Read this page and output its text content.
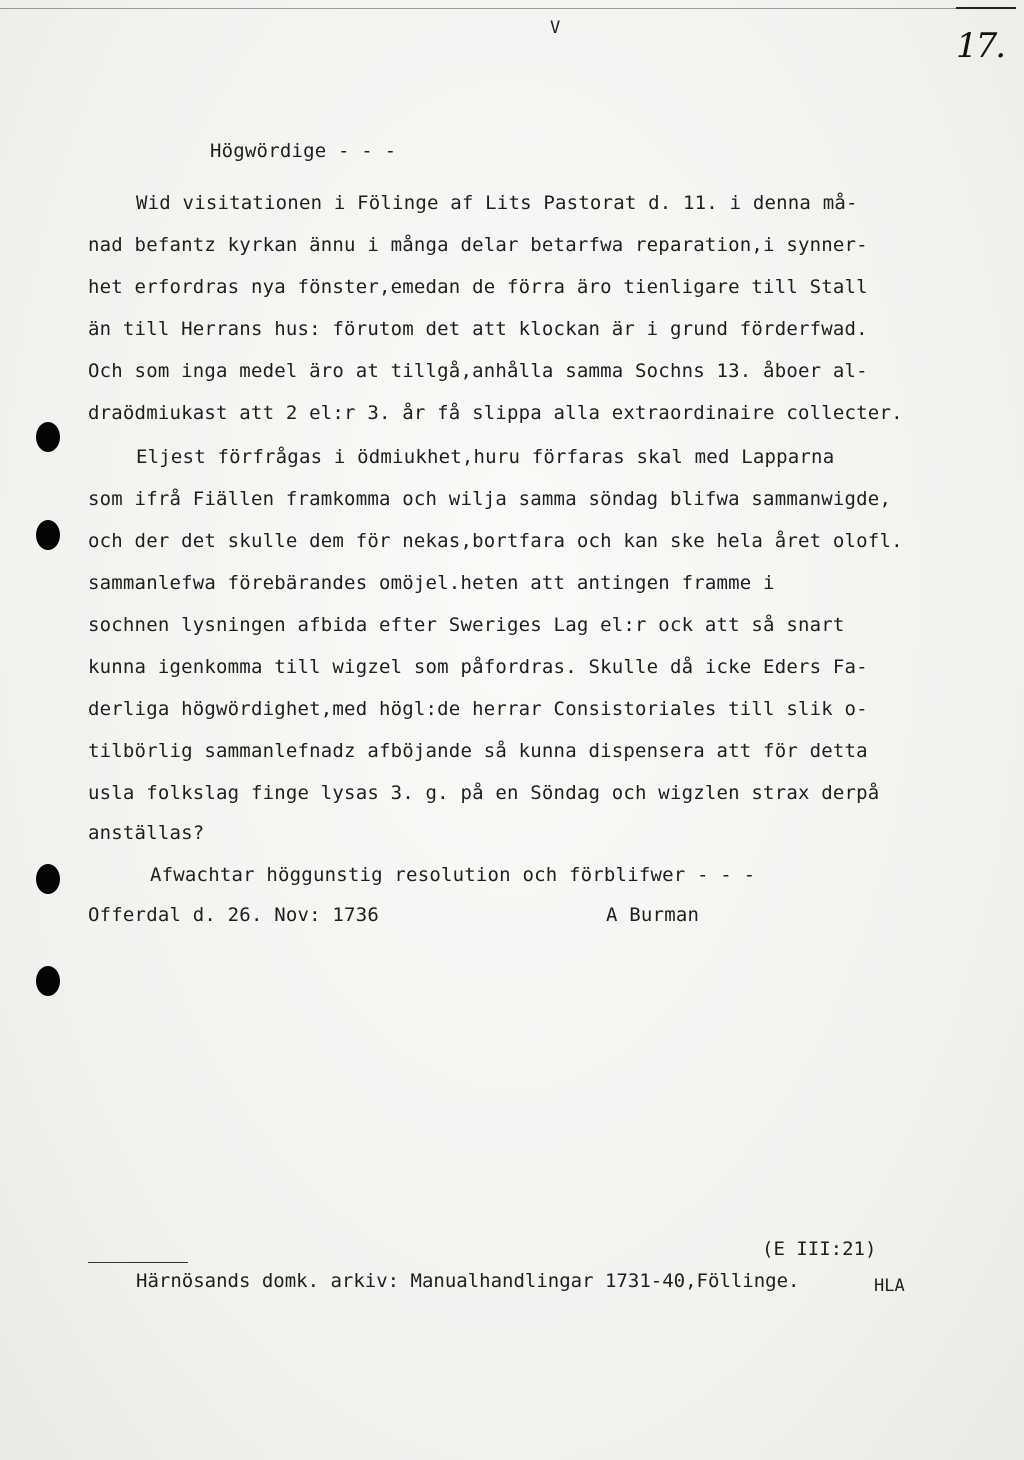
V	17.
Högwördige - - -
Wid visitationen i Fölinge af Lits Pastorat d. 11. i denna må-
nad befantz kyrkan ännu i många delar betarfwa reparation,i synner-
het erfordras nya fönster,emedan de förra äro tienligare till Stall
än till Herrans hus: förutom det att klockan är i grund förderfwad.
Och som inga medel äro at tillgå,anhålla samma Sochns 13. åboer al-
draödmiukast att 2 el:r 3. år få slippa alla extraordinaire collecter.
Eljest förfrågas i ödmiukhet,huru förfaras skal med Lapparna
som ifrå Fiällen framkomma och wilja samma söndag blifwa sammanwigde,
och der det skulle dem för nekas,bortfara och kan ske hela året olofl.
sammanlefwa förebärandes omöjel.heten att antingen framme i
sochnen lysningen afbida efter Sweriges Lag el:r ock att så snart
kunna igenkomma till wigzel som påfordras. Skulle då icke Eders Fa-
derliga högwördighet,med högl:de herrar Consistoriales till slik o-
tilbörlig sammanlefnadz afböjande så kunna dispensera att för detta
usla folkslag finge lysas 3. g. på en Söndag och wigzlen strax derpå
anställas?
Afwachtar höggunstig resolution och förblifwer - - -
Offerdal d. 26. Nov: 1736	A Burman
(E III:21)
Härnösands domk. arkiv: Manualhandlingar 1731-40,Föllinge.	HLA
